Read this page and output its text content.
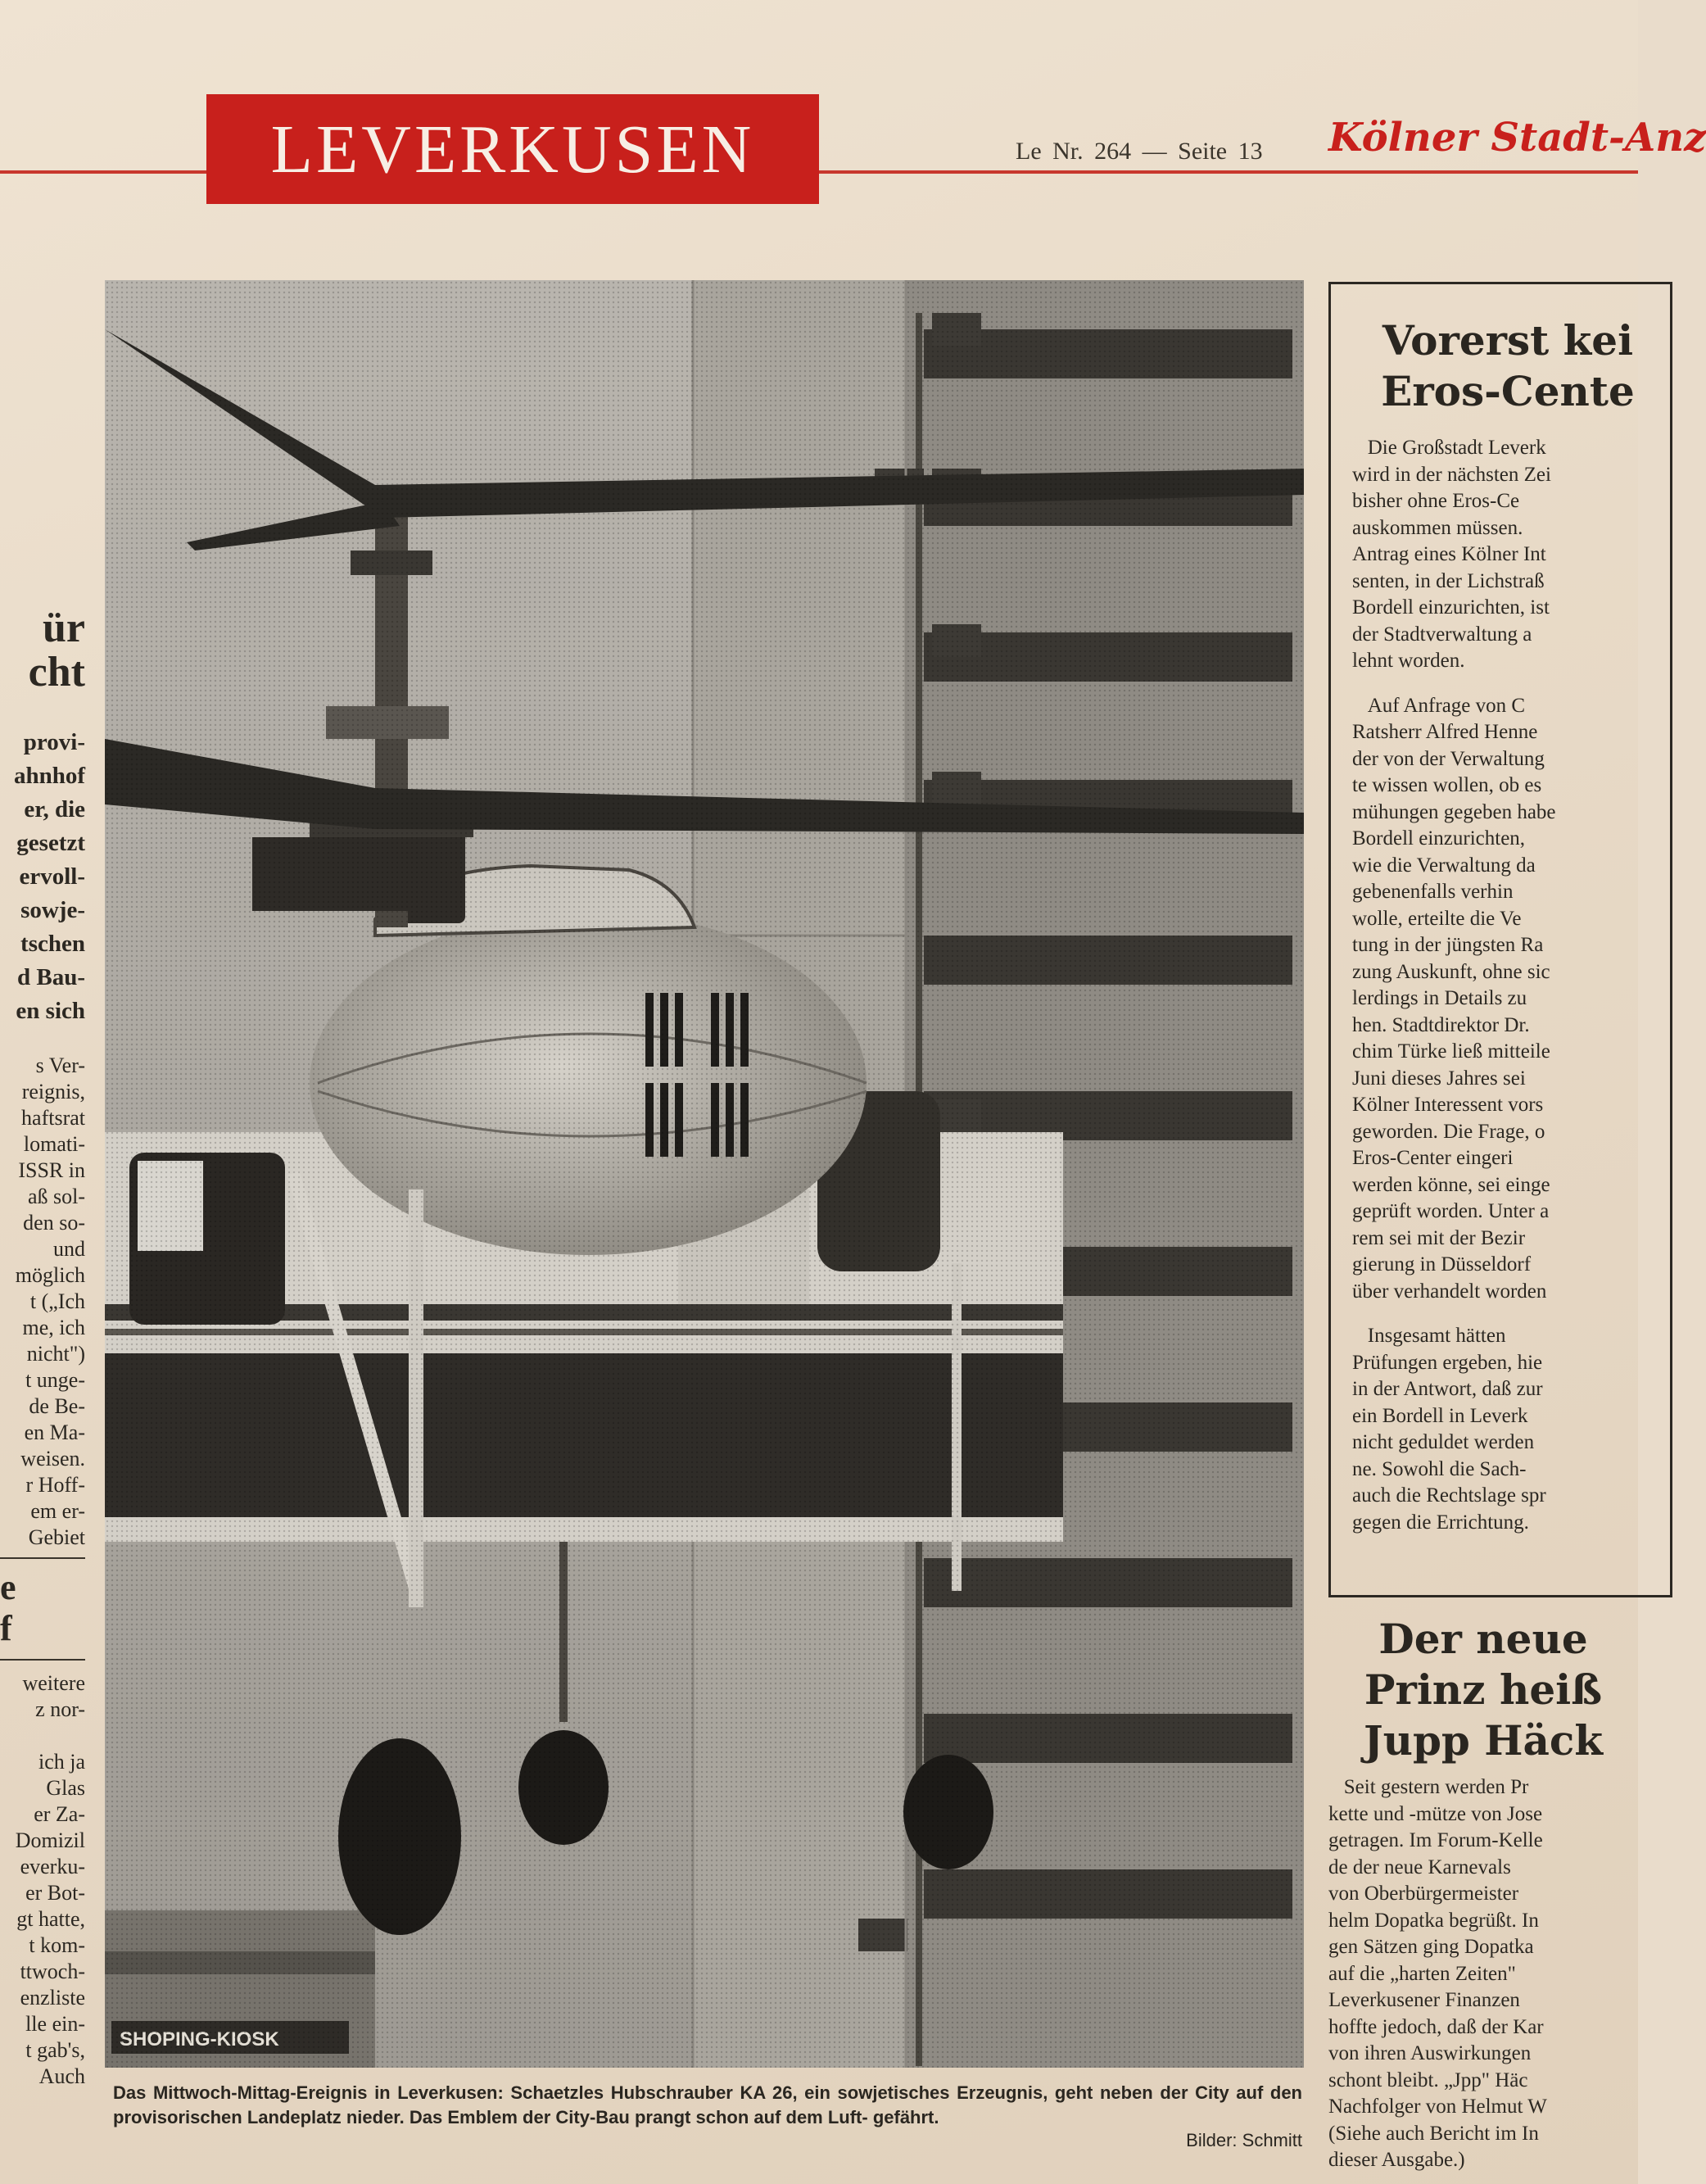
LEVERKUSEN	Le Nr. 264 — Seite 13 Kölner Stadt-Anz
ür
cht
provi-
ahnhof
er, die
gesetzt
ervoll-
sowje-
tschen
d Bau-
en sich
s Ver-
reignis,
haftsrat
lomati-
ISSR in
aß sol-
den so-
und
möglich
t („Ich
me, ich
nicht")
t unge-
de Be-
en Ma-
weisen.
r Hoff-
em er-
Gebiet
e
f
weitere
z nor-

ich ja
Glas
er Za-
Domizil
everku-
er Bot-
gt hatte,
t kom-
ttwoch-
enzliste
lle ein-
t gab's,
Auch
Das Mittwoch-Mittag-Ereignis in Leverkusen: Schaetzles Hubschrauber KA 26, ein sowjetisches Erzeugnis, geht neben der City auf den provisorischen Landeplatz nieder. Das Emblem der City-Bau prangt schon auf dem Luft- gefährt.
Bilder: Schmitt
Vorerst kei
Eros-Cente
Die Großstadt Leverk
wird in der nächsten Zei
bisher ohne Eros-Ce
auskommen müssen.
Antrag eines Kölner Int
senten, in der Lichstraß
Bordell einzurichten, ist
der Stadtverwaltung a
lehnt worden.
Auf Anfrage von C
Ratsherr Alfred Henne
der von der Verwaltung
te wissen wollen, ob es
mühungen gegeben habe
Bordell einzurichten,
wie die Verwaltung da
gebenenfalls verhin
wolle, erteilte die Ve
tung in der jüngsten Ra
zung Auskunft, ohne sic
lerdings in Details zu
hen. Stadtdirektor Dr.
chim Türke ließ mitteile
Juni dieses Jahres sei
Kölner Interessent vors
geworden. Die Frage, o
Eros-Center eingeri
werden könne, sei einge
geprüft worden. Unter a
rem sei mit der Bezir
gierung in Düsseldorf
über verhandelt worden
Insgesamt hätten
Prüfungen ergeben, hie
in der Antwort, daß zur
ein Bordell in Leverk
nicht geduldet werden
ne. Sowohl die Sach-
auch die Rechtslage spr
gegen die Errichtung.
Der neue
Prinz heiß
Jupp Häck
Seit gestern werden Pr
kette und -mütze von Jose
getragen. Im Forum-Kelle
de der neue Karnevals
von Oberbürgermeister
helm Dopatka begrüßt. In
gen Sätzen ging Dopatka
auf die „harten Zeiten"
Leverkusener Finanzen
hoffte jedoch, daß der Kar
von ihren Auswirkungen
schont bleibt. „Jpp" Häc
Nachfolger von Helmut W
(Siehe auch Bericht im In
dieser Ausgabe.)
